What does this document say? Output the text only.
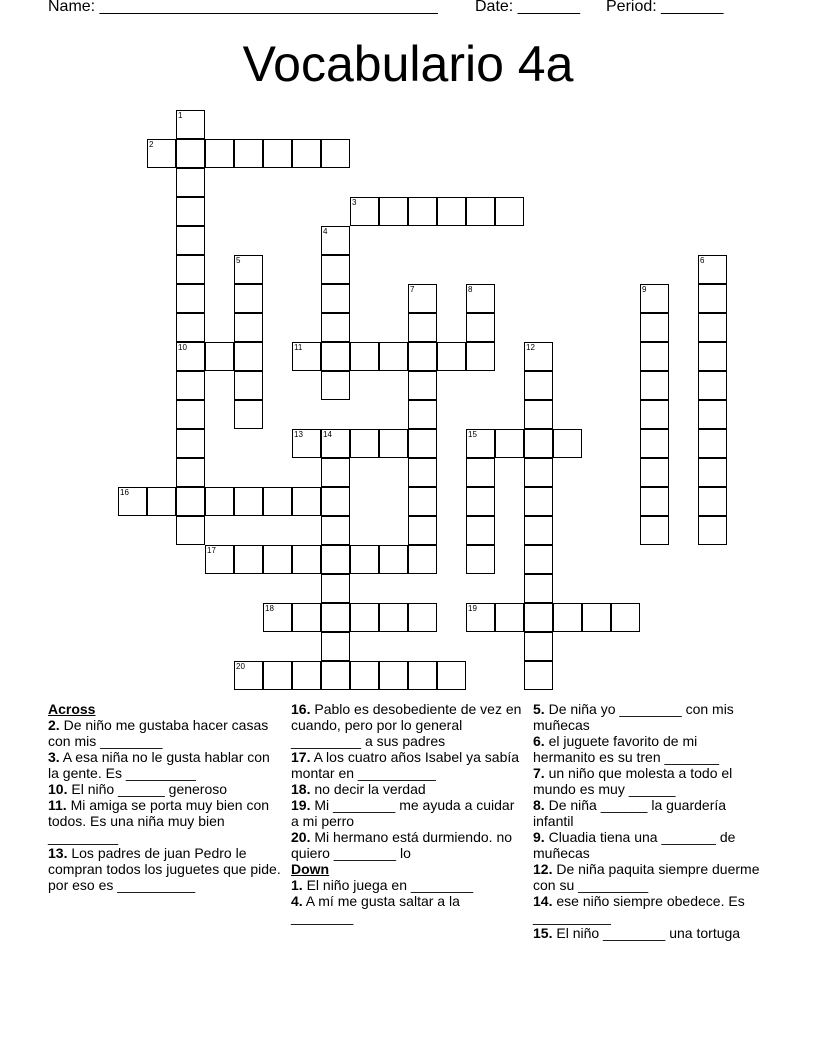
Name: ______________________________________ Date: _______ Period: _______
Vocabulario 4a
1
10
2
3
4
5	6
7	8	9
11	12
13	14	15
16
17
18	19
20

Across

2. De niño me gustaba hacer casas con mis ________

3. A esa niña no le gusta hablar con la gente. Es _________

10. El niño ______ generoso

11. Mi amiga se porta muy bien con todos. Es una niña muy bien _________

13. Los padres de juan Pedro le compran todos los juguetes que pide. por eso es __________

16. Pablo es desobediente de vez en cuando, pero por lo general _________ a sus padres

17. A los cuatro años Isabel ya sabía montar en __________

18. no decir la verdad

19. Mi ________ me ayuda a cuidar a mi perro

20. Mi hermano está durmiendo. no quiero ________ lo

Down

1. El niño juega en ________

4. A mí me gusta saltar a la ________

5. De niña yo ________ con mis muñecas

6. el juguete favorito de mi hermanito es su tren _______

7. un niño que molesta a todo el mundo es muy ______

8. De niña ______ la guardería infantil

9. Cluadia tiena una _______ de muñecas

12. De niña paquita siempre duerme con su _________

14. ese niño siempre obedece. Es __________

15. El niño ________ una tortuga
